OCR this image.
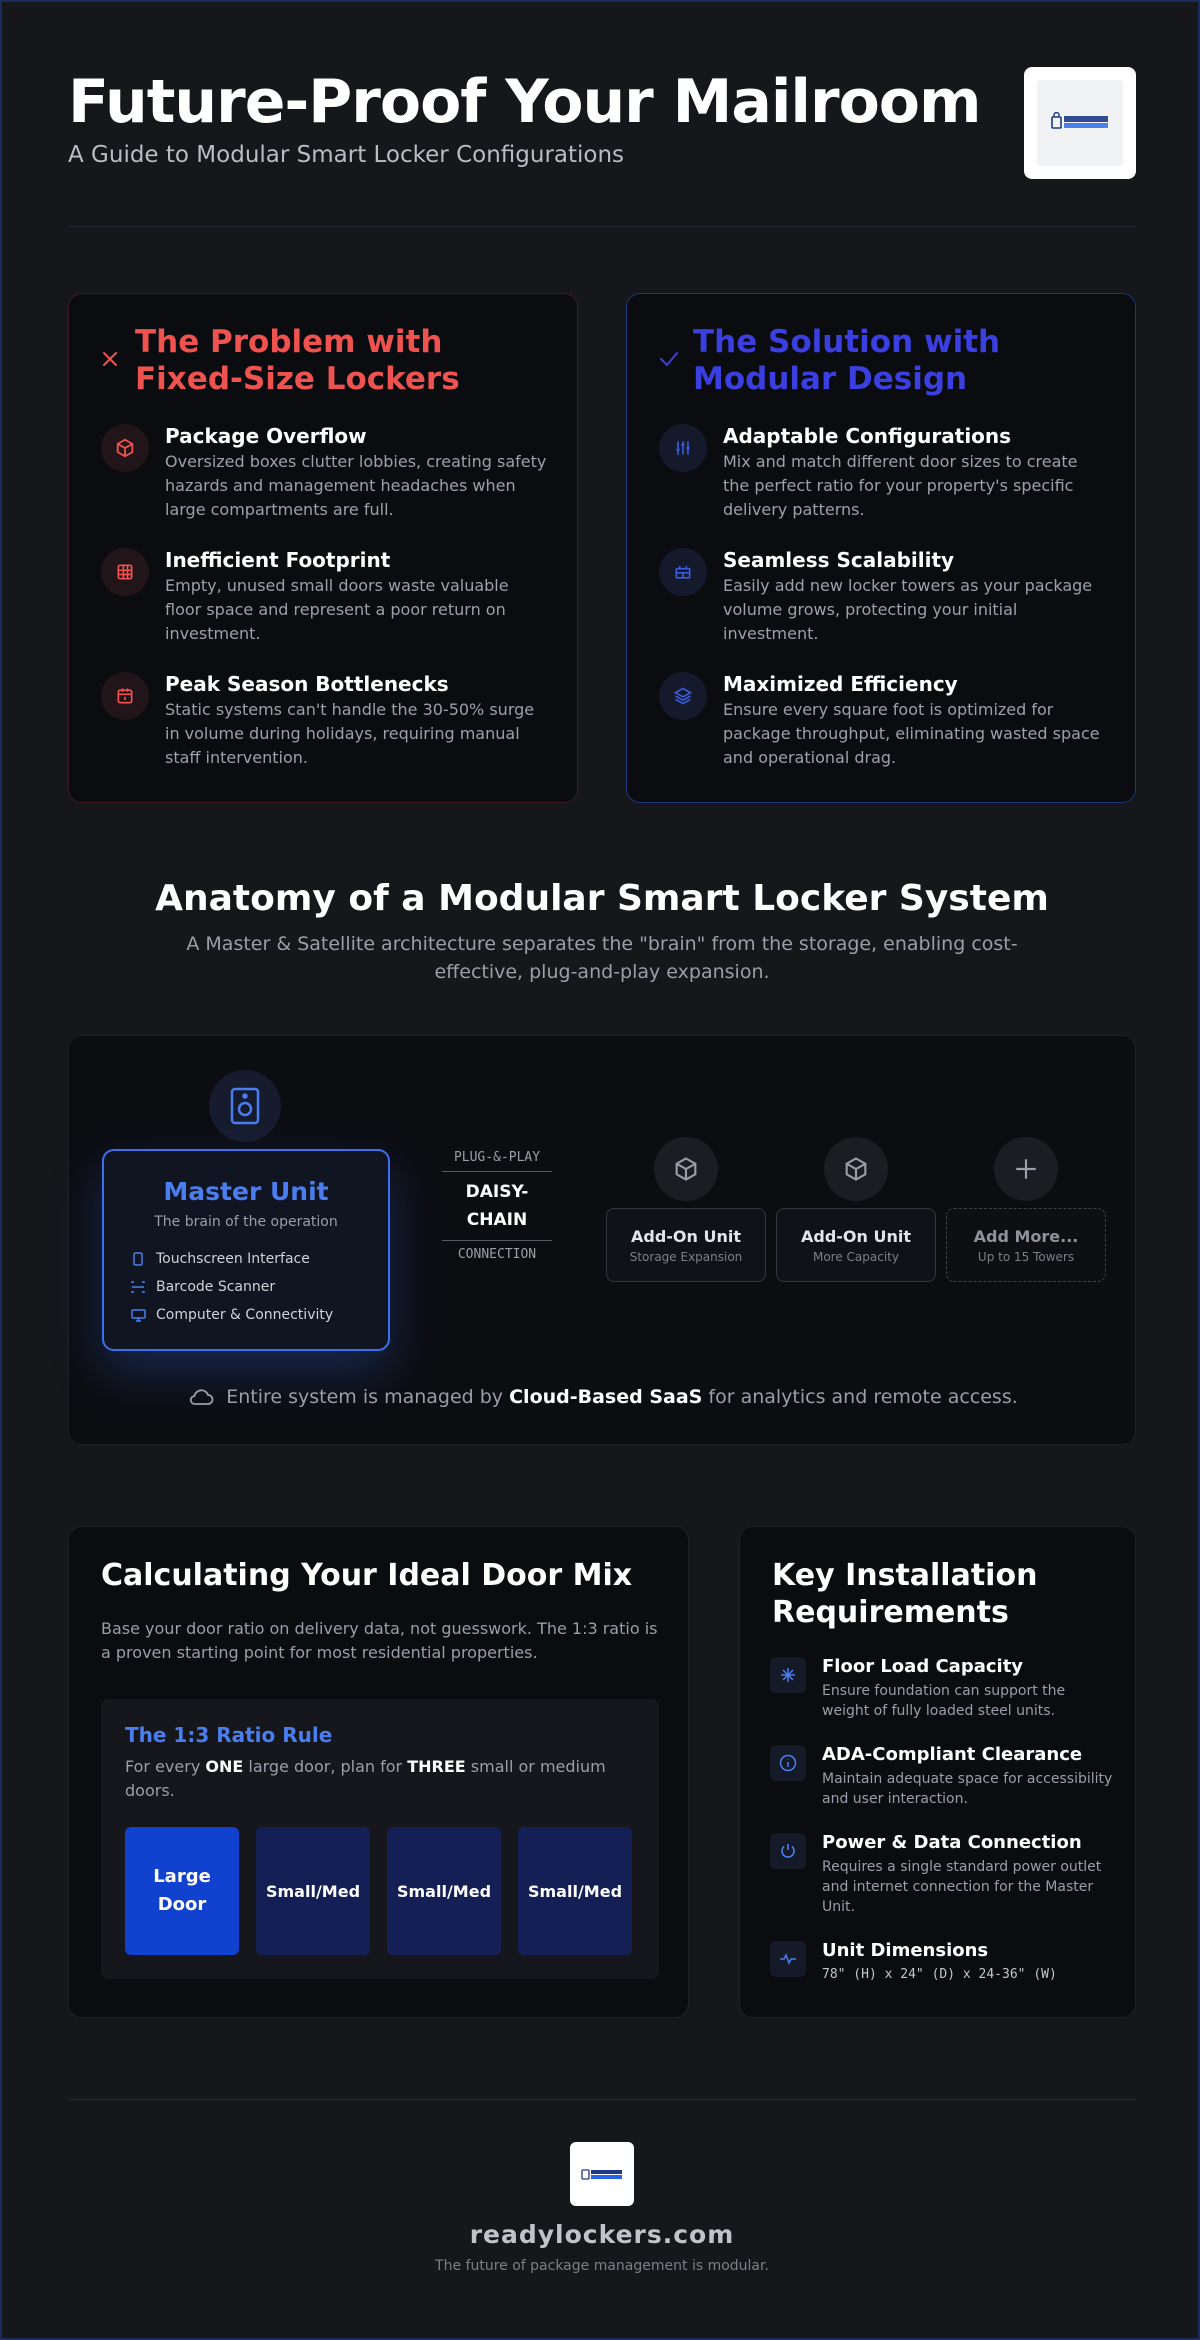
Future-Proof Your Mailroom
A Guide to Modular Smart Locker Configurations
The Problem with Fixed-Size Lockers
Package Overflow
Oversized boxes clutter lobbies, creating safety hazards and management headaches when large compartments are full.
Inefficient Footprint
Empty, unused small doors waste valuable floor space and represent a poor return on investment.
Peak Season Bottlenecks
Static systems can't handle the 30-50% surge in volume during holidays, requiring manual staff intervention.
The Solution with Modular Design
Adaptable Configurations
Mix and match different door sizes to create the perfect ratio for your property's specific delivery patterns.
Seamless Scalability
Easily add new locker towers as your package volume grows, protecting your initial investment.
Maximized Efficiency
Ensure every square foot is optimized for package throughput, eliminating wasted space and operational drag.
Anatomy of a Modular Smart Locker System
A Master & Satellite architecture separates the "brain" from the storage, enabling cost-effective, plug-and-play expansion.
Master Unit
The brain of the operation
Touchscreen Interface
Barcode Scanner
Computer & Connectivity
PLUG-&-PLAY
DAISY-
CHAIN
CONNECTION
Add-On Unit
Storage Expansion
Add-On Unit
More Capacity
Add More...
Up to 15 Towers
Entire system is managed by Cloud-Based SaaS for analytics and remote access.
Calculating Your Ideal Door Mix
Base your door ratio on delivery data, not guesswork. The 1:3 ratio is a proven starting point for most residential properties.
The 1:3 Ratio Rule
For every ONE large door, plan for THREE small or medium doors.
Large
Door
Small/Med	Small/Med	Small/Med
Key Installation Requirements
Floor Load Capacity
Ensure foundation can support the weight of fully loaded steel units.
ADA-Compliant Clearance
Maintain adequate space for accessibility and user interaction.
Power & Data Connection
Requires a single standard power outlet and internet connection for the Master Unit.
Unit Dimensions
78" (H) x 24" (D) x 24-36" (W)
readylockers.com
The future of package management is modular.
